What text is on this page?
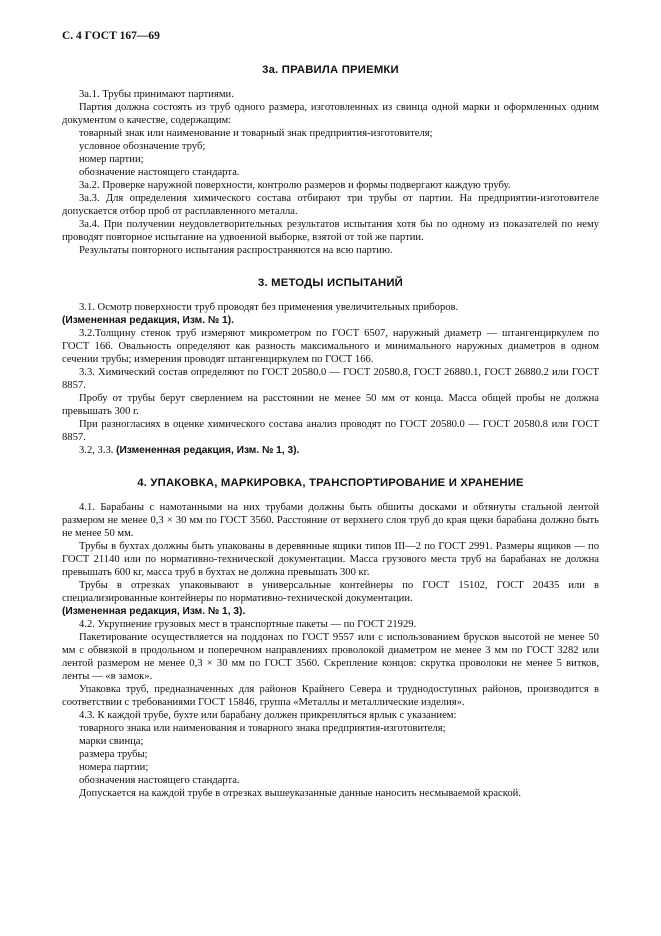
С. 4 ГОСТ 167—69
3а. ПРАВИЛА ПРИЕМКИ

3а.1. Трубы принимают партиями.

Партия должна состоять из труб одного размера, изготовленных из свинца одной марки и оформленных одним документом о качестве, содержащим:

товарный знак или наименование и товарный знак предприятия-изготовителя;

условное обозначение труб;

номер партии;

обозначение настоящего стандарта.

3а.2. Проверке наружной поверхности, контролю размеров и формы подвергают каждую трубу.

3а.3. Для определения химического состава отбирают три трубы от партии. На предприятии-изготовителе допускается отбор проб от расплавленного металла.

3а.4. При получении неудовлетворительных результатов испытания хотя бы по одному из показателей по нему проводят повторное испытание на удвоенной выборке, взятой от той же партии.

Результаты повторного испытания распространяются на всю партию.

3. МЕТОДЫ ИСПЫТАНИЙ

3.1. Осмотр поверхности труб проводят без применения увеличительных приборов.

(Измененная редакция, Изм. № 1).

3.2.Толщину стенок труб измеряют микрометром по ГОСТ 6507, наружный диаметр — штангенциркулем по ГОСТ 166. Овальность определяют как разность максимального и минимального наружных диаметров в одном сечении трубы; измерения проводят штангенциркулем по ГОСТ 166.

3.3. Химический состав определяют по ГОСТ 20580.0 — ГОСТ 20580.8, ГОСТ 26880.1, ГОСТ 26880.2 или ГОСТ 8857.

Пробу от трубы берут сверлением на расстоянии не менее 50 мм от конца. Масса общей пробы не должна превышать 300 г.

При разногласиях в оценке химического состава анализ проводят по ГОСТ 20580.0 — ГОСТ 20580.8 или ГОСТ 8857.

3.2, 3.3. (Измененная редакция, Изм. № 1, 3).

4. УПАКОВКА, МАРКИРОВКА, ТРАНСПОРТИРОВАНИЕ И ХРАНЕНИЕ

4.1. Барабаны с намотанными на них трубами должны быть обшиты досками и обтянуты стальной лентой размером не менее 0,3 × 30 мм по ГОСТ 3560. Расстояние от верхнего слоя труб до края щеки барабана должно быть не менее 50 мм.

Трубы в бухтах должны быть упакованы в деревянные ящики типов III—2 по ГОСТ 2991. Размеры ящиков — по ГОСТ 21140 или по нормативно-технической документации. Масса грузового места труб на барабанах не должна превышать 600 кг, масса труб в бухтах не должна превышать 300 кг.

Трубы в отрезках упаковывают в универсальные контейнеры по ГОСТ 15102, ГОСТ 20435 или в специализированные контейнеры по нормативно-технической документации.

(Измененная редакция, Изм. № 1, 3).

4.2. Укрупнение грузовых мест в транспортные пакеты — по ГОСТ 21929.

Пакетирование осуществляется на поддонах по ГОСТ 9557 или с использованием брусков высотой не менее 50 мм с обвязкой в продольном и поперечном направлениях проволокой диаметром не менее 3 мм по ГОСТ 3282 или лентой размером не менее 0,3 × 30 мм по ГОСТ 3560. Скрепление концов: скрутка проволоки не менее 5 витков, ленты — «в замок».

Упаковка труб, предназначенных для районов Крайнего Севера и труднодоступных районов, производится в соответствии с требованиями ГОСТ 15846, группа «Металлы и металлические изделия».

4.3. К каждой трубе, бухте или барабану должен прикрепляться ярлык с указанием:

товарного знака или наименования и товарного знака предприятия-изготовителя;

марки свинца;

размера трубы;

номера партии;

обозначения настоящего стандарта.

Допускается на каждой трубе в отрезках вышеуказанные данные наносить несмываемой краской.
